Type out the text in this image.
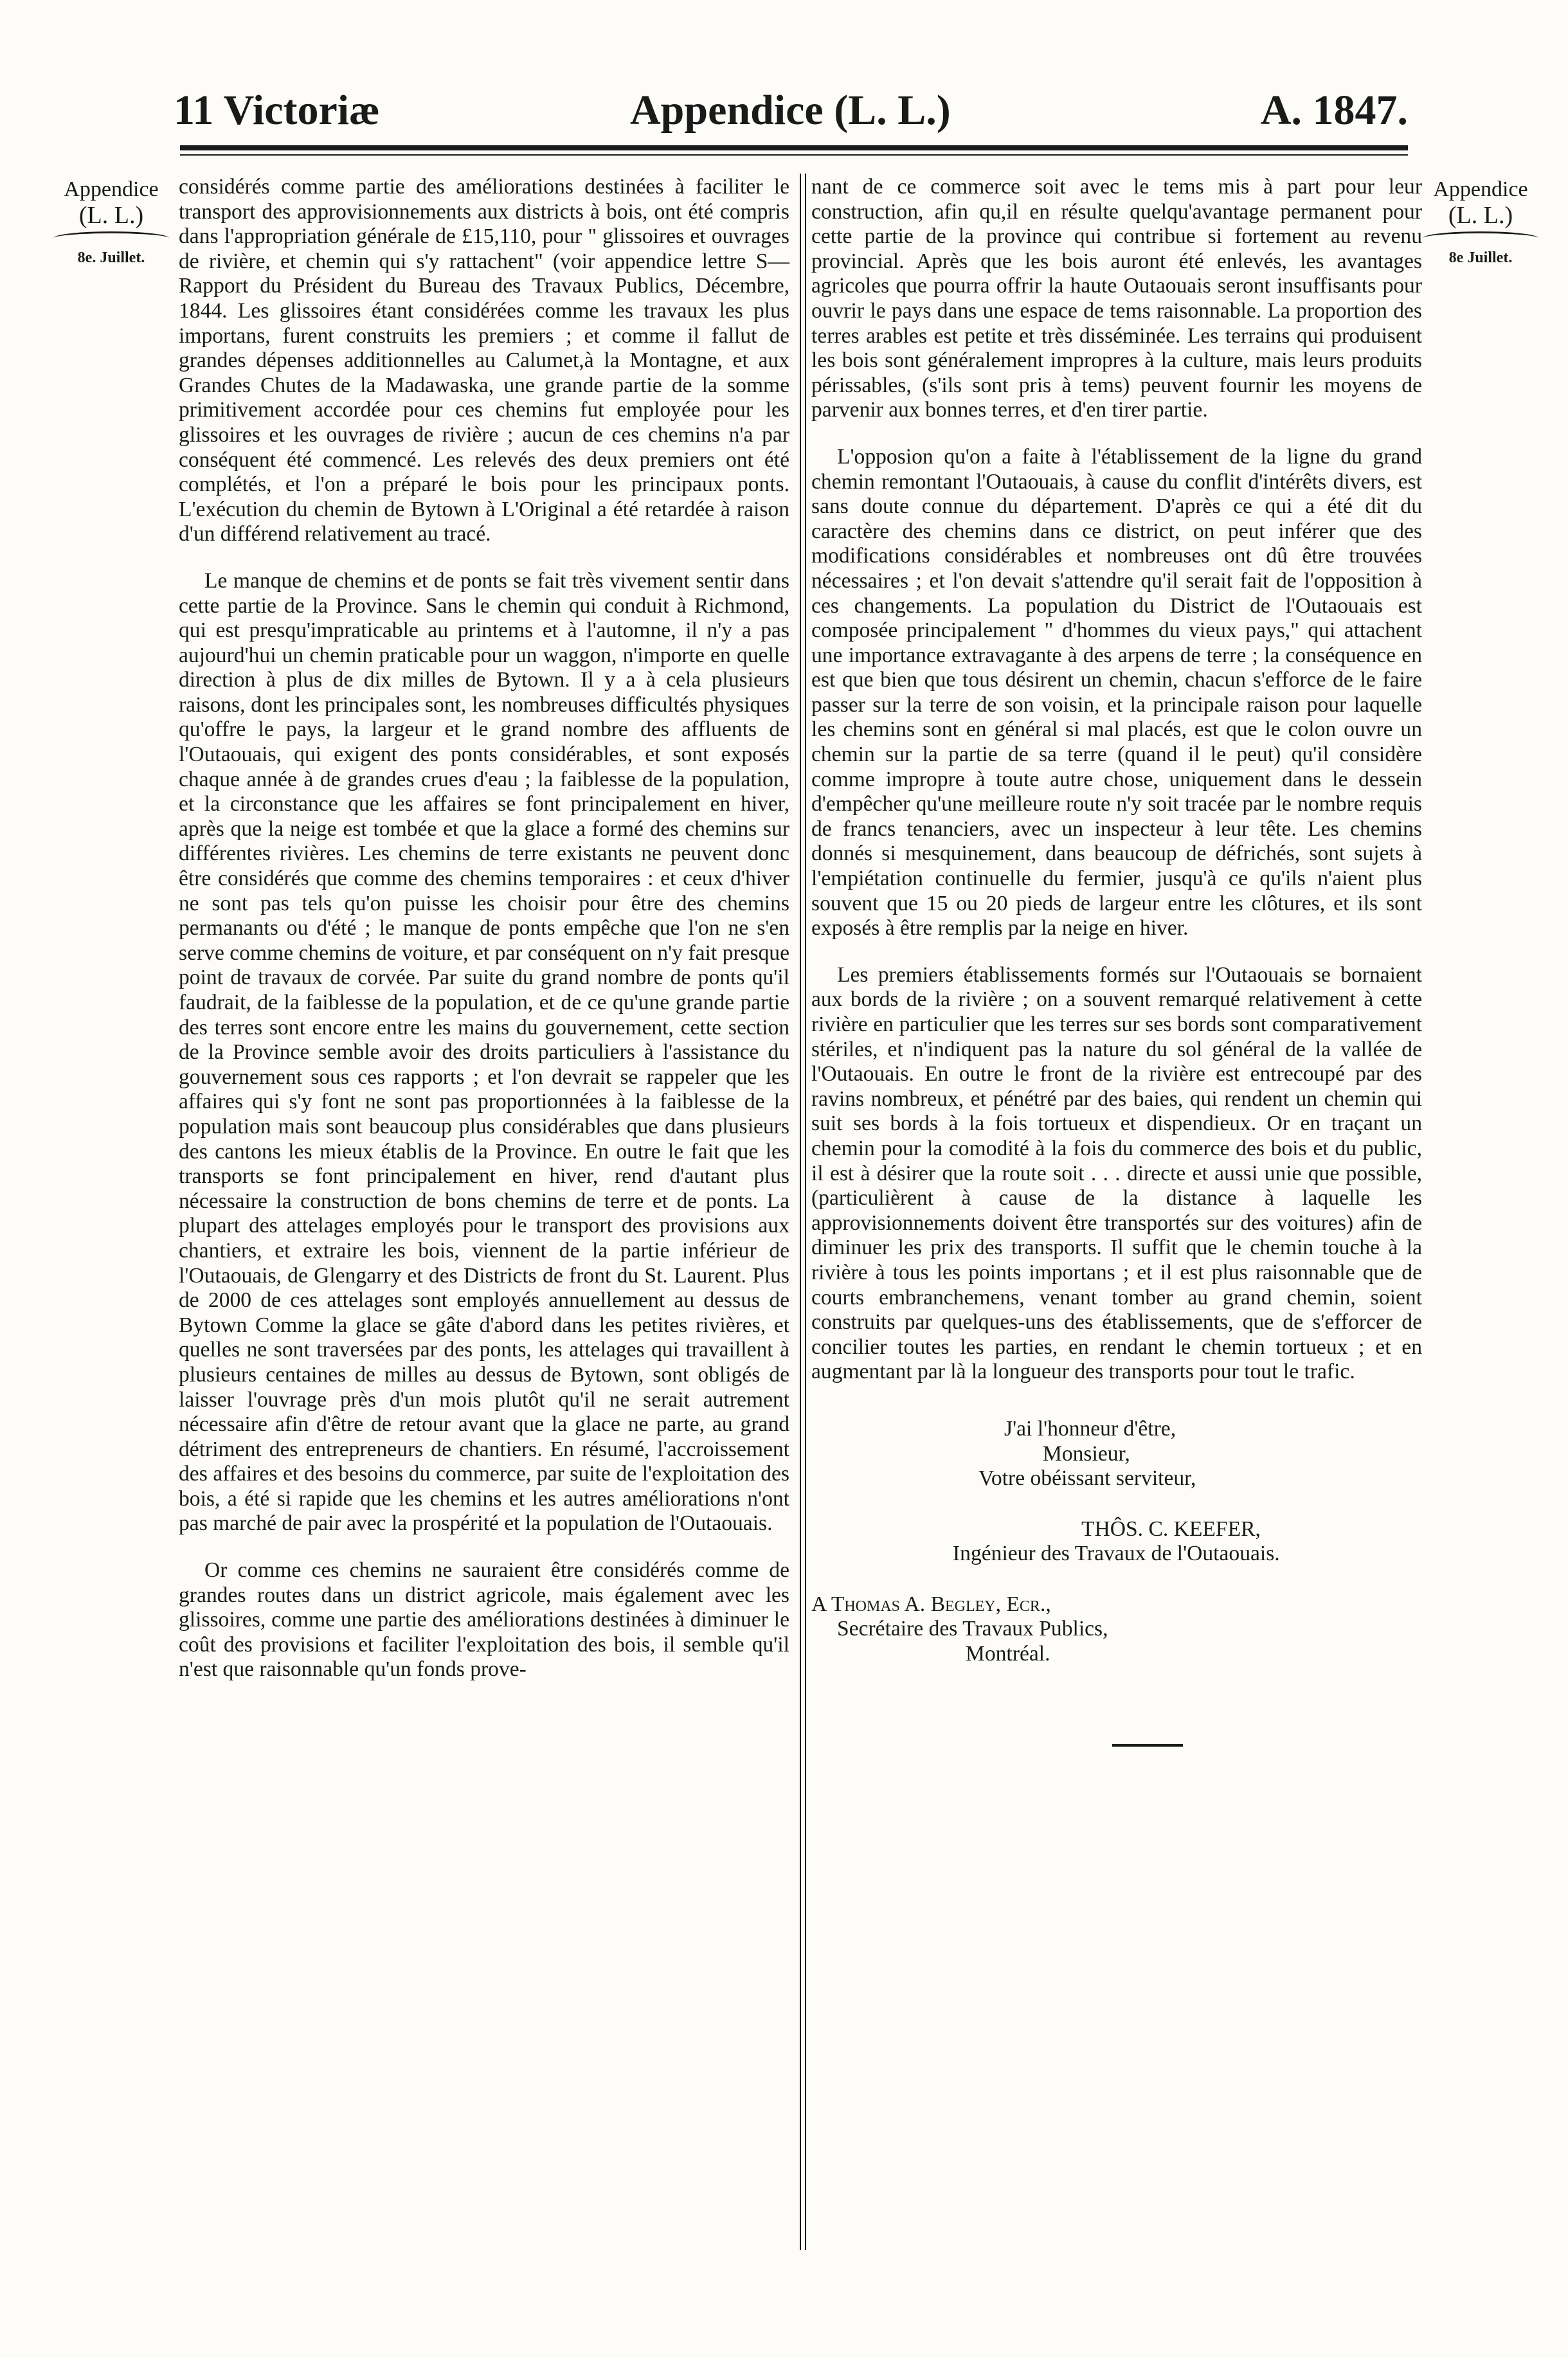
11 Victoriæ	Appendice (L. L.)	A. 1847.
Appendice
(L. L.)
8e. Juillet.
Appendice
(L. L.)
8e Juillet.

considérés comme partie des améliorations destinées à faciliter le transport des approvisionnements aux districts à bois, ont été compris dans l'appropriation générale de £15,110, pour " glissoires et ouvrages de rivière, et chemin qui s'y rattachent" (voir appendice lettre S—Rapport du Président du Bureau des Travaux Publics, Décembre, 1844. Les glissoires étant considérées comme les travaux les plus importans, furent construits les premiers ; et comme il fallut de grandes dépenses additionnelles au Calumet,à la Montagne, et aux Grandes Chutes de la Madawaska, une grande partie de la somme primitivement accordée pour ces chemins fut employée pour les glissoires et les ouvrages de rivière ; aucun de ces chemins n'a par conséquent été commencé. Les relevés des deux premiers ont été complétés, et l'on a préparé le bois pour les principaux ponts. L'exécution du chemin de Bytown à L'Original a été retardée à raison d'un différend relativement au tracé.

Le manque de chemins et de ponts se fait très vivement sentir dans cette partie de la Province. Sans le chemin qui conduit à Richmond, qui est presqu'impraticable au printems et à l'automne, il n'y a pas aujourd'hui un chemin praticable pour un waggon, n'importe en quelle direction à plus de dix milles de Bytown. Il y a à cela plusieurs raisons, dont les principales sont, les nombreuses difficultés physiques qu'offre le pays, la largeur et le grand nombre des affluents de l'Outaouais, qui exigent des ponts considérables, et sont exposés chaque année à de grandes crues d'eau ; la faiblesse de la population, et la circonstance que les affaires se font principalement en hiver, après que la neige est tombée et que la glace a formé des chemins sur différentes rivières. Les chemins de terre existants ne peuvent donc être considérés que comme des chemins temporaires : et ceux d'hiver ne sont pas tels qu'on puisse les choisir pour être des chemins permanants ou d'été ; le manque de ponts empêche que l'on ne s'en serve comme chemins de voiture, et par conséquent on n'y fait presque point de travaux de corvée. Par suite du grand nombre de ponts qu'il faudrait, de la faiblesse de la population, et de ce qu'une grande partie des terres sont encore entre les mains du gouvernement, cette section de la Province semble avoir des droits particuliers à l'assistance du gouvernement sous ces rapports ; et l'on devrait se rappeler que les affaires qui s'y font ne sont pas proportionnées à la faiblesse de la population mais sont beaucoup plus considérables que dans plusieurs des cantons les mieux établis de la Province. En outre le fait que les transports se font principalement en hiver, rend d'autant plus nécessaire la construction de bons chemins de terre et de ponts. La plupart des attelages employés pour le transport des provisions aux chantiers, et extraire les bois, viennent de la partie inférieur de l'Outaouais, de Glengarry et des Districts de front du St. Laurent. Plus de 2000 de ces attelages sont employés annuellement au dessus de Bytown Comme la glace se gâte d'abord dans les petites rivières, et quelles ne sont traversées par des ponts, les attelages qui travaillent à plusieurs centaines de milles au dessus de Bytown, sont obligés de laisser l'ouvrage près d'un mois plutôt qu'il ne serait autrement nécessaire afin d'être de retour avant que la glace ne parte, au grand détriment des entrepreneurs de chantiers. En résumé, l'accroissement des affaires et des besoins du commerce, par suite de l'exploitation des bois, a été si rapide que les chemins et les autres améliorations n'ont pas marché de pair avec la prospérité et la population de l'Outaouais.

Or comme ces chemins ne sauraient être considérés comme de grandes routes dans un district agricole, mais également avec les glissoires, comme une partie des améliorations destinées à diminuer le coût des provisions et faciliter l'exploitation des bois, il semble qu'il n'est que raisonnable qu'un fonds prove-

nant de ce commerce soit avec le tems mis à part pour leur construction, afin qu,il en résulte quelqu'avantage permanent pour cette partie de la province qui contribue si fortement au revenu provincial. Après que les bois auront été enlevés, les avantages agricoles que pourra offrir la haute Outaouais seront insuffisants pour ouvrir le pays dans une espace de tems raisonnable. La proportion des terres arables est petite et très disséminée. Les terrains qui produisent les bois sont généralement impropres à la culture, mais leurs produits périssables, (s'ils sont pris à tems) peuvent fournir les moyens de parvenir aux bonnes terres, et d'en tirer partie.

L'opposion qu'on a faite à l'établissement de la ligne du grand chemin remontant l'Outaouais, à cause du conflit d'intérêts divers, est sans doute connue du département. D'après ce qui a été dit du caractère des chemins dans ce district, on peut inférer que des modifications considérables et nombreuses ont dû être trouvées nécessaires ; et l'on devait s'attendre qu'il serait fait de l'opposition à ces changements. La population du District de l'Outaouais est composée principalement " d'hommes du vieux pays," qui attachent une importance extravagante à des arpens de terre ; la conséquence en est que bien que tous désirent un chemin, chacun s'efforce de le faire passer sur la terre de son voisin, et la principale raison pour laquelle les chemins sont en général si mal placés, est que le colon ouvre un chemin sur la partie de sa terre (quand il le peut) qu'il considère comme impropre à toute autre chose, uniquement dans le dessein d'empêcher qu'une meilleure route n'y soit tracée par le nombre requis de francs tenanciers, avec un inspecteur à leur tête. Les chemins donnés si mesquinement, dans beaucoup de défrichés, sont sujets à l'empiétation continuelle du fermier, jusqu'à ce qu'ils n'aient plus souvent que 15 ou 20 pieds de largeur entre les clôtures, et ils sont exposés à être remplis par la neige en hiver.

Les premiers établissements formés sur l'Outaouais se bornaient aux bords de la rivière ; on a souvent remarqué relativement à cette rivière en particulier que les terres sur ses bords sont comparativement stériles, et n'indiquent pas la nature du sol général de la vallée de l'Outaouais. En outre le front de la rivière est entrecoupé par des ravins nombreux, et pénétré par des baies, qui rendent un chemin qui suit ses bords à la fois tortueux et dispendieux. Or en traçant un chemin pour la comodité à la fois du commerce des bois et du public, il est à désirer que la route soit . . . directe et aussi unie que possible, (particulièrent à cause de la distance à laquelle les approvisionnements doivent être transportés sur des voitures) afin de diminuer les prix des transports. Il suffit que le chemin touche à la rivière à tous les points importans ; et il est plus raisonnable que de courts embranchemens, venant tomber au grand chemin, soient construits par quelques-uns des établissements, que de s'efforcer de concilier toutes les parties, en rendant le chemin tortueux ; et en augmentant par là la longueur des transports pour tout le trafic.

J'ai l'honneur d'être,
Monsieur,
Votre obéissant serviteur,
THÔS. C. KEEFER,
Ingénieur des Travaux de l'Outaouais.
A Thomas A. Begley, Ecr.,
Secrétaire des Travaux Publics,
Montréal.
